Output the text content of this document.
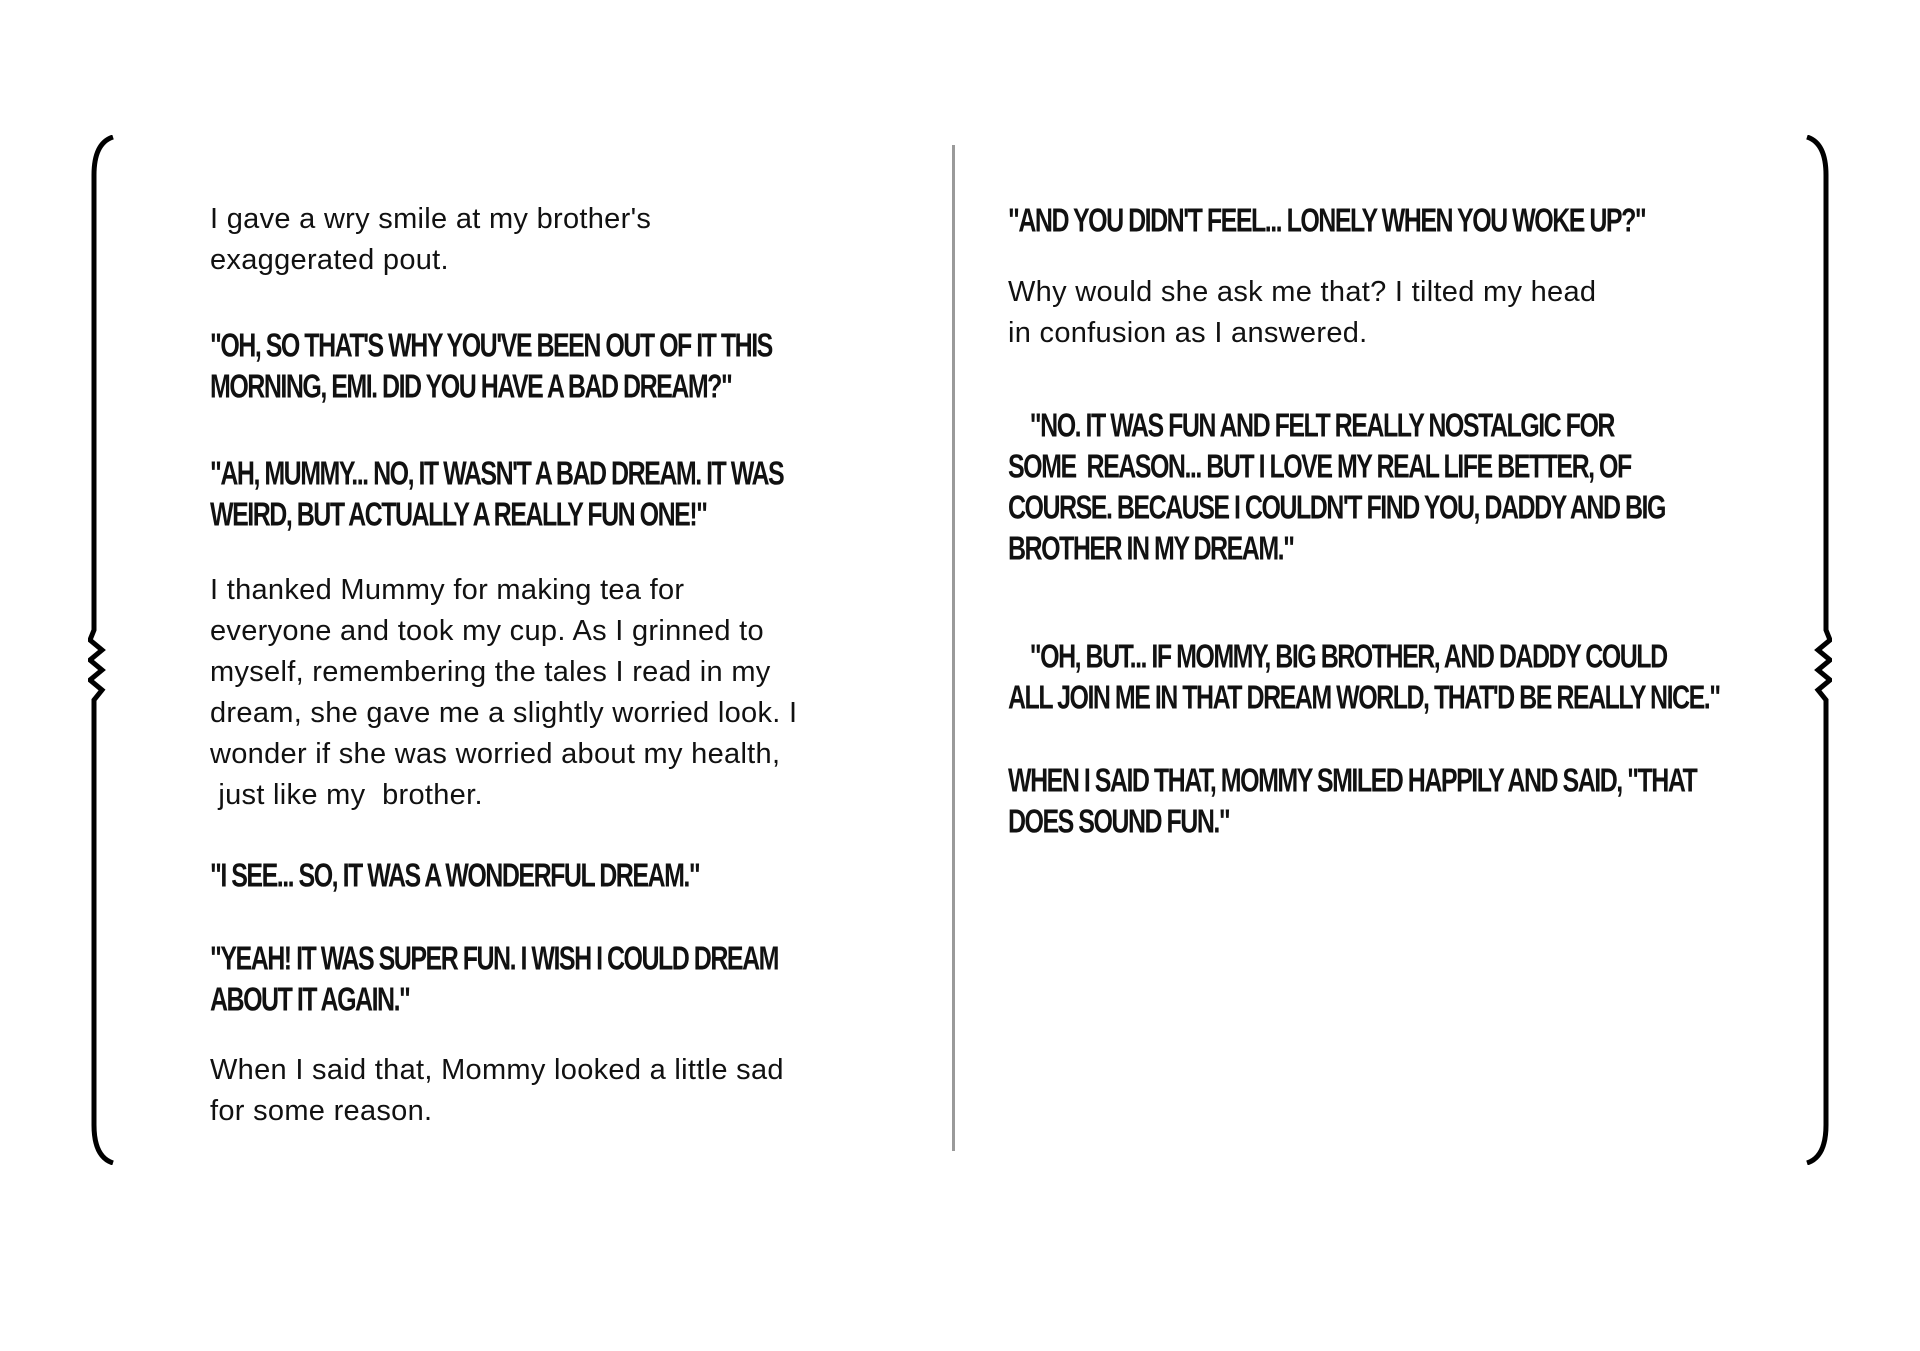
I gave a wry smile at my brother's
exaggerated pout.
"OH, SO THAT'S WHY YOU'VE BEEN OUT OF IT THIS
MORNING, EMI. DID YOU HAVE A BAD DREAM?"
"AH, MUMMY... NO, IT WASN'T A BAD DREAM. IT WAS
WEIRD, BUT ACTUALLY A REALLY FUN ONE!"
I thanked Mummy for making tea for
everyone and took my cup. As I grinned to
myself, remembering the tales I read in my
dream, she gave me a slightly worried look. I
wonder if she was worried about my health,
just like my  brother.
"I SEE... SO, IT WAS A WONDERFUL DREAM."
"YEAH! IT WAS SUPER FUN. I WISH I COULD DREAM
ABOUT IT AGAIN."
When I said that, Mommy looked a little sad
for some reason.
"AND YOU DIDN'T FEEL... LONELY WHEN YOU WOKE UP?"
Why would she ask me that? I tilted my head
in confusion as I answered.
"NO. IT WAS FUN AND FELT REALLY NOSTALGIC FOR
SOME  REASON... BUT I LOVE MY REAL LIFE BETTER, OF
COURSE. BECAUSE I COULDN'T FIND YOU, DADDY AND BIG
BROTHER IN MY DREAM."
"OH, BUT... IF MOMMY, BIG BROTHER, AND DADDY COULD
ALL JOIN ME IN THAT DREAM WORLD, THAT'D BE REALLY NICE."
WHEN I SAID THAT, MOMMY SMILED HAPPILY AND SAID, "THAT
DOES SOUND FUN."
